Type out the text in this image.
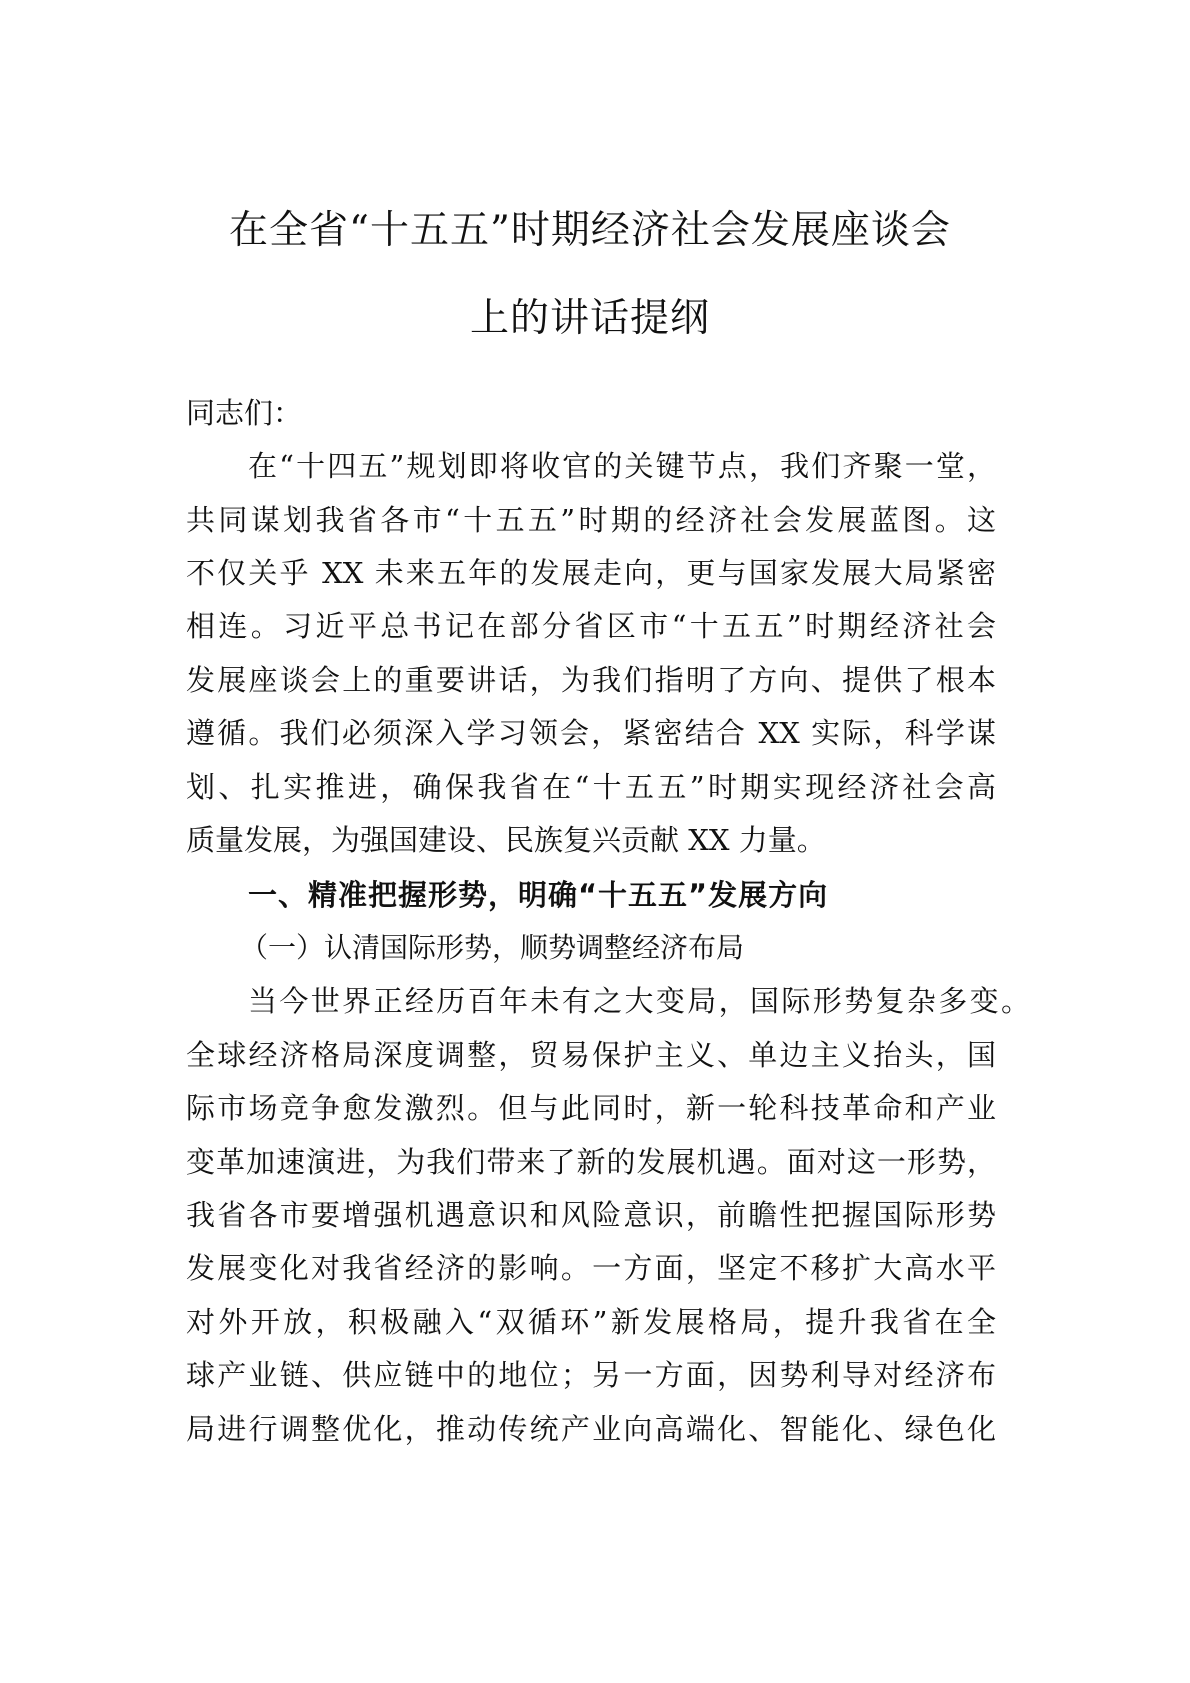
在全省“十五五”时期经济社会发展座谈会
上的讲话提纲
同志们：
在“十四五”规划即将收官的关键节点，我们齐聚一堂，
共同谋划我省各市“十五五”时期的经济社会发展蓝图。这
不仅关乎 XX 未来五年的发展走向，更与国家发展大局紧密
相连。习近平总书记在部分省区市“十五五”时期经济社会
发展座谈会上的重要讲话，为我们指明了方向、提供了根本
遵循。我们必须深入学习领会，紧密结合 XX 实际，科学谋
划、扎实推进，确保我省在“十五五”时期实现经济社会高
质量发展，为强国建设、民族复兴贡献 XX 力量。
一、精准把握形势，明确“十五五”发展方向
（一）认清国际形势，顺势调整经济布局
当今世界正经历百年未有之大变局，国际形势复杂多变。
全球经济格局深度调整，贸易保护主义、单边主义抬头，国
际市场竞争愈发激烈。但与此同时，新一轮科技革命和产业
变革加速演进，为我们带来了新的发展机遇。面对这一形势，
我省各市要增强机遇意识和风险意识，前瞻性把握国际形势
发展变化对我省经济的影响。一方面，坚定不移扩大高水平
对外开放，积极融入“双循环”新发展格局，提升我省在全
球产业链、供应链中的地位；另一方面，因势利导对经济布
局进行调整优化，推动传统产业向高端化、智能化、绿色化
